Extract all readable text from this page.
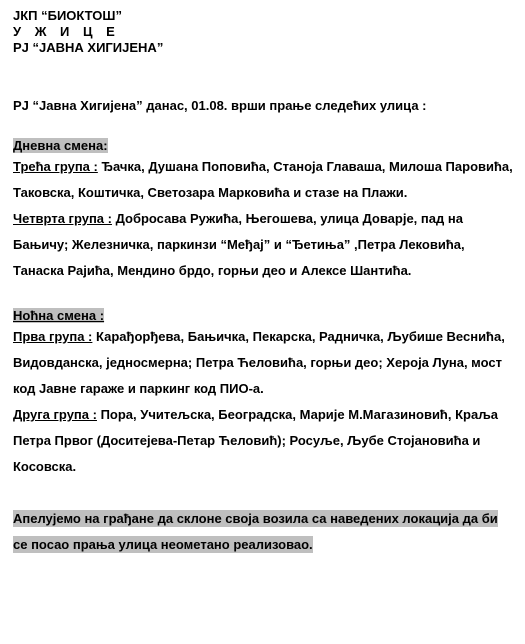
ЈКП “БИОКТОШ”
У Ж И Ц Е
РЈ “ЈАВНА ХИГИЈЕНА”
РЈ “Јавна Хигијена” данас, 01.08. врши прање следећих улица :
Дневна смена:

Трећа група : Ђачка, Душана Поповића, Станоја Главаша, Милоша Паровића, Таковска, Коштичка, Светозара Марковића и стазе на Плажи.

Четврта група : Добросава Ружића, Његошева, улица Доварје, пад на Бањичу; Железничка, паркинзи “Међај” и “Ђетиња” ,Петра Лековића, Танаска Рајића, Мендино брдо, горњи део и Алексе Шантића.

Ноћна смена :

Прва група : Карађорђева, Бањичка, Пекарска, Радничка, Љубише Веснића, Видовданска, једносмерна; Петра Ћеловића, горњи део; Хероја Луна, мост код Јавне гараже и паркинг код ПИО-а.

Друга група : Пора, Учитељска, Београдска, Марије М.Магазиновић, Краља Петра Првог (Доситејева-Петар Ћеловић); Росуље, Љубе Стојановића и Косовска.

Апелујемо на грађане да склоне своја возила са наведених локација да би се посао прања улица неометано реализовао.
